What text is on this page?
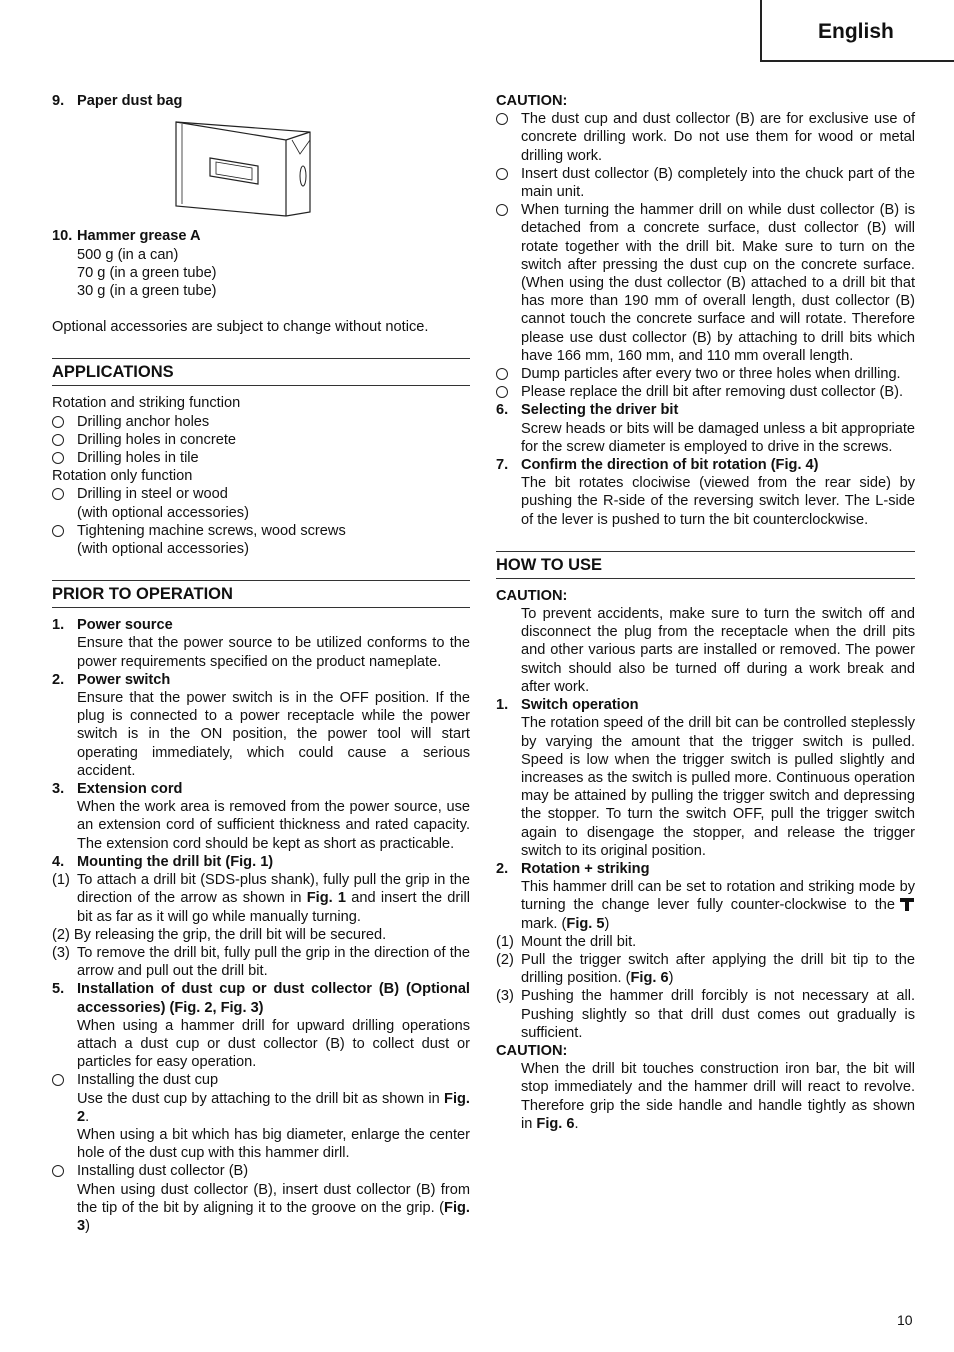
English
9. Paper dust bag
10. Hammer grease A

500 g (in a can)

70 g (in a green tube)

30 g (in a green tube)

Optional accessories are subject to change without notice.

APPLICATIONS

Rotation and striking function

Drilling anchor holes
Drilling holes in concrete
Drilling holes in tile

Rotation only function

Drilling in steel or wood

(with optional accessories)

Tightening machine screws, wood screws

(with optional accessories)

PRIOR TO OPERATION
1. Power source

Ensure that the power source to be utilized conforms to the power requirements specified on the product nameplate.

2. Power switch

Ensure that the power switch is in the OFF position. If the plug is connected to a power receptacle while the power switch is in the ON position, the power tool will start operating immediately, which could cause a serious accident.

3. Extension cord

When the work area is removed from the power source, use an extension cord of sufficient thickness and rated capacity. The extension cord should be kept as short as practicable.

4. Mounting the drill bit (Fig. 1)
(1) To attach a drill bit (SDS-plus shank), fully pull the grip in the direction of the arrow as shown in Fig. 1 and insert the drill bit as far as it will go while manually turning.

(2) By releasing the grip, the drill bit will be secured.

(3) To remove the drill bit, fully pull the grip in the direction of the arrow and pull out the drill bit.
5. Installation of dust cup or dust collector (B) (Optional accessories) (Fig. 2, Fig. 3)

When using a hammer drill for upward drilling operations attach a dust cup or dust collector (B) to collect dust or particles for easy operation.

Installing the dust cup

Use the dust cup by attaching to the drill bit as shown in Fig. 2.

When using a bit which has big diameter, enlarge the center hole of the dust cup with this hammer dirll.

Installing dust collector (B)

When using dust collector (B), insert dust collector (B) from the tip of the bit by aligning it to the groove on the grip. (Fig. 3)

CAUTION:

The dust cup and dust collector (B) are for exclusive use of concrete drilling work. Do not use them for wood or metal drilling work.
Insert dust collector (B) completely into the chuck part of the main unit.
When turning the hammer drill on while dust collector (B) is detached from a concrete surface, dust collector (B) will rotate together with the drill bit. Make sure to turn on the switch after pressing the dust cup on the concrete surface. (When using the dust collector (B) attached to a drill bit that has more than 190 mm of overall length, dust collector (B) cannot touch the concrete surface and will rotate. Therefore please use dust collector (B) by attaching to drill bits which have 166 mm, 160 mm, and 110 mm overall length.
Dump particles after every two or three holes when drilling.
Please replace the drill bit after removing dust collector (B).
6. Selecting the driver bit

Screw heads or bits will be damaged unless a bit appropriate for the screw diameter is employed to drive in the screws.

7. Confirm the direction of bit rotation (Fig. 4)

The bit rotates clociwise (viewed from the rear side) by pushing the R-side of the reversing switch lever. The L-side of the lever is pushed to turn the bit counterclockwise.

HOW TO USE

CAUTION:

To prevent accidents, make sure to turn the switch off and disconnect the plug from the receptacle when the drill pits and other various parts are installed or removed. The power switch should also be turned off during a work break and after work.

1. Switch operation

The rotation speed of the drill bit can be controlled steplessly by varying the amount that the trigger switch is pulled. Speed is low when the trigger switch is pulled slightly and increases as the switch is pulled more. Continuous operation may be attained by pulling the trigger switch and depressing the stopper. To turn the switch OFF, pull the trigger switch again to disengage the stopper, and release the trigger switch to its original position.

2. Rotation + striking

This hammer drill can be set to rotation and striking mode by turning the change lever fully counter-clockwise to the mark. (Fig. 5)

(1) Mount the drill bit.
(2) Pull the trigger switch after applying the drill bit tip to the drilling position. (Fig. 6)
(3) Pushing the hammer drill forcibly is not necessary at all. Pushing slightly so that drill dust comes out gradually is sufficient.

CAUTION:

When the drill bit touches construction iron bar, the bit will stop immediately and the hammer drill will react to revolve. Therefore grip the side handle and handle tightly as shown in Fig. 6.

10
